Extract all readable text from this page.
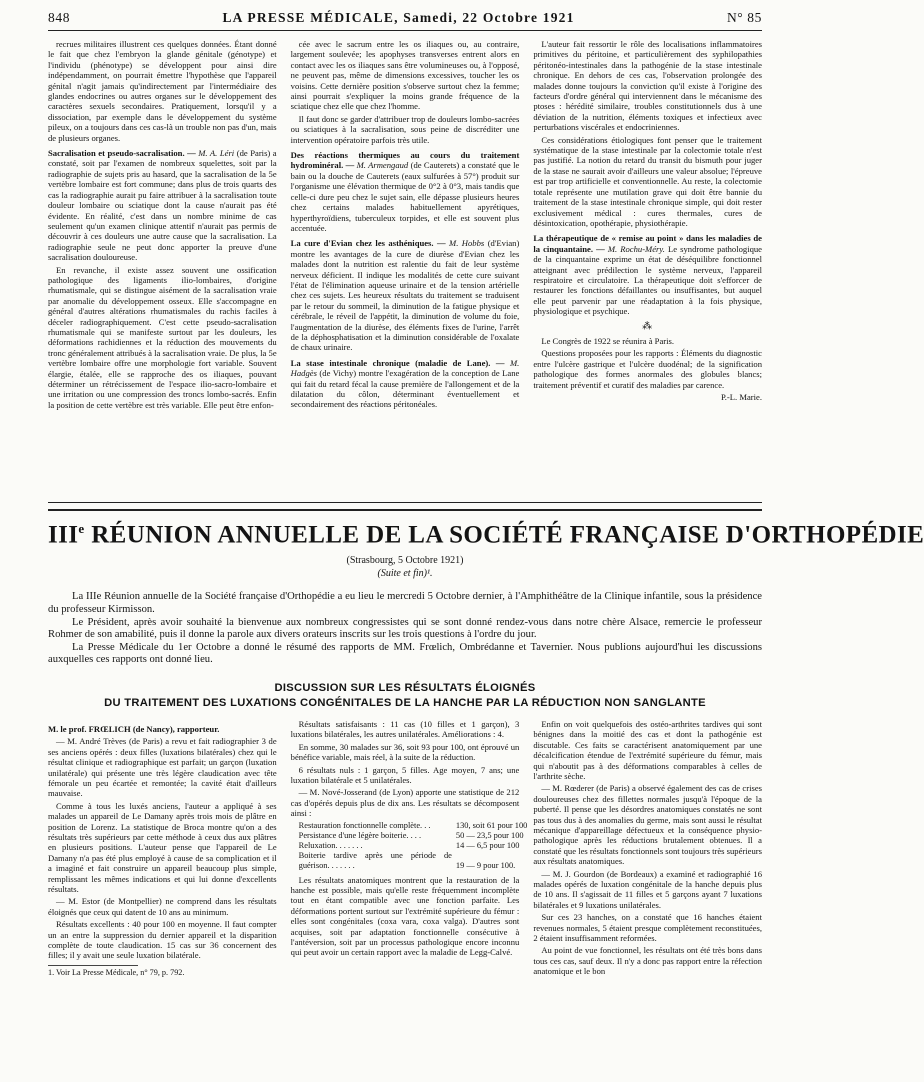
848	LA PRESSE MÉDICALE, Samedi, 22 Octobre 1921	N° 85

recrues militaires illustrent ces quelques données. Étant donné le fait que chez l'embryon la glande génitale (génotype) et l'individu (phénotype) se développent pour ainsi dire indépendamment, on pourrait émettre l'hypothèse que l'appareil génital n'agit jamais qu'indirectement par l'intermédiaire des glandes endocrines ou autres organes sur le développement des caractères sexuels secondaires. Pratiquement, lorsqu'il y a dissociation, par exemple dans le développement du système pileux, on a toujours dans ces cas-là un trouble non pas d'un, mais de plusieurs organes.

Sacralisation et pseudo-sacralisation. — M. A. Léri (de Paris) a constaté, soit par l'examen de nombreux squelettes, soit par la radiographie de sujets pris au hasard, que la sacralisation de la 5e vertèbre lombaire est fort commune; dans plus de trois quarts des cas la radiographie aurait pu faire attribuer à la sacralisation toute douleur lombaire ou sciatique dont la cause n'aurait pas été évidente. En réalité, c'est dans un nombre minime de cas seulement qu'un examen clinique attentif n'aurait pas permis de découvrir à ces douleurs une autre cause que la sacralisation. La radiographie seule ne peut donc apporter la preuve d'une sacralisation douloureuse.

En revanche, il existe assez souvent une ossification pathologique des ligaments ilio-lombaires, d'origine rhumatismale, qui se distingue aisément de la sacralisation vraie par anomalie du développement osseux. Elle s'accompagne en général d'autres altérations rhumatismales du rachis faciles à déceler radiographiquement. C'est cette pseudo-sacralisation rhumatismale qui se manifeste surtout par les douleurs, les déformations rachidiennes et la réduction des mouvements du tronc généralement attribués à la sacralisation vraie. De plus, la 5e vertèbre lombaire offre une morphologie fort variable. Souvent élargie, étalée, elle se rapproche des os iliaques, pouvant déterminer un rétrécissement de l'espace ilio-sacro-lombaire et une irritation ou une compression des troncs lombo-sacrés. Enfin la position de cette vertèbre est très variable. Elle peut être enfon-

cée avec le sacrum entre les os iliaques ou, au contraire, largement soulevée; les apophyses transverses entrent alors en contact avec les os iliaques sans être volumineuses ou, à l'opposé, ne peuvent pas, même de dimensions excessives, toucher les os voisins. Cette dernière position s'observe surtout chez la femme; ainsi pourrait s'expliquer la moins grande fréquence de la sciatique chez elle que chez l'homme.

Il faut donc se garder d'attribuer trop de douleurs lombo-sacrées ou sciatiques à la sacralisation, sous peine de discréditer une intervention opératoire parfois très utile.

Des réactions thermiques au cours du traitement hydrominéral. — M. Armengaud (de Cauterets) a constaté que le bain ou la douche de Cauterets (eaux sulfurées à 57°) produit sur l'organisme une élévation thermique de 0°2 à 0°3, mais tandis que celle-ci dure peu chez le sujet sain, elle dépasse plusieurs heures chez certains malades habituellement apyrétiques, hyperthyroïdiens, tuberculeux torpides, et elle est souvent plus accentuée.

La cure d'Evian chez les asthéniques. — M. Hobbs (d'Evian) montre les avantages de la cure de diurèse d'Evian chez les malades dont la nutrition est ralentie du fait de leur système nerveux déficient. Il indique les modalités de cette cure suivant l'état de l'élimination aqueuse urinaire et de la tension artérielle chez ces sujets. Les heureux résultats du traitement se traduisent par le retour du sommeil, la diminution de la fatigue physique et cérébrale, le réveil de l'appétit, la diminution de volume du foie, l'augmentation de la diurèse, des éléments fixes de l'urine, l'arrêt de la déphosphatisation et la diminution considérable de l'oxalate de chaux urinaire.

La stase intestinale chronique (maladie de Lane). — M. Hadgès (de Vichy) montre l'exagération de la conception de Lane qui fait du retard fécal la cause première de l'allongement et de la dilatation du côlon, déterminant éventuellement et secondairement des réactions péritonéales.

L'auteur fait ressortir le rôle des localisations inflammatoires primitives du péritoine, et particulièrement des syphilopathies péritonéo-intestinales dans la pathogénie de la stase intestinale chronique. En dehors de ces cas, l'observation prolongée des malades donne toujours la conviction qu'il existe à l'origine des facteurs d'ordre général qui interviennent dans le mécanisme des ptoses : hérédité similaire, troubles constitutionnels dus à une déviation de la nutrition, éléments toxiques et infectieux avec perturbations viscérales et endocriniennes.

Ces considérations étiologiques font penser que le traitement systématique de la stase intestinale par la colectomie totale n'est pas justifié. La notion du retard du transit du bismuth pour juger de la stase ne saurait avoir d'ailleurs une valeur absolue; l'épreuve est par trop artificielle et conventionnelle. Au reste, la colectomie totale représente une mutilation grave qui doit être bannie du traitement de la stase intestinale chronique simple, qui doit rester exclusivement médical : cures thermales, cures de désintoxication, opothérapie, physiothérapie.

La thérapeutique de « remise au point » dans les maladies de la cinquantaine. — M. Rochu-Méry. Le syndrome pathologique de la cinquantaine exprime un état de déséquilibre fonctionnel atteignant avec prédilection le système nerveux, l'appareil respiratoire et circulatoire. La thérapeutique doit s'efforcer de restaurer les fonctions défaillantes ou insuffisantes, but auquel elle peut parvenir par une réadaptation à la fois physique, physiologique et psychique.

⁂

Le Congrès de 1922 se réunira à Paris.

Questions proposées pour les rapports : Éléments du diagnostic entre l'ulcère gastrique et l'ulcère duodénal; de la signification pathologique des formes anormales des globules blancs; traitement préventif et curatif des maladies par carence.

P.-L. Marie.
IIIe RÉUNION ANNUELLE DE LA SOCIÉTÉ FRANÇAISE D'ORTHOPÉDIE
(Strasbourg, 5 Octobre 1921)
(Suite et fin)¹.

La IIIe Réunion annuelle de la Société française d'Orthopédie a eu lieu le mercredi 5 Octobre dernier, à l'Amphithéâtre de la Clinique infantile, sous la présidence du professeur Kirmisson.

Le Président, après avoir souhaité la bienvenue aux nombreux congressistes qui se sont donné rendez-vous dans notre chère Alsace, remercie le professeur Rohmer de son amabilité, puis il donne la parole aux divers orateurs inscrits sur les trois questions à l'ordre du jour.

La Presse Médicale du 1er Octobre a donné le résumé des rapports de MM. Frœlich, Ombrédanne et Tavernier. Nous publions aujourd'hui les discussions auxquelles ces rapports ont donné lieu.

DISCUSSION SUR LES RÉSULTATS ÉLOIGNÉS
DU TRAITEMENT DES LUXATIONS CONGÉNITALES DE LA HANCHE PAR LA RÉDUCTION NON SANGLANTE

M. le prof. FRŒLICH (de Nancy), rapporteur.

— M. André Trèves (de Paris) a revu et fait radiographier 3 de ses anciens opérés : deux filles (luxations bilatérales) chez qui le résultat clinique et radiographique est parfait; un garçon (luxation unilatérale) qui présente une très légère claudication avec tête fémorale un peu écartée et remontée; la cavité était d'ailleurs mauvaise.

Comme à tous les luxés anciens, l'auteur a appliqué à ses malades un appareil de Le Damany après trois mois de plâtre en position de Lorenz. La statistique de Broca montre qu'on a des résultats très supérieurs par cette méthode à ceux dus aux plâtres en plusieurs positions. L'auteur pense que l'appareil de Le Damany n'a pas été plus employé à cause de sa complication et il a imaginé et fait construire un appareil beaucoup plus simple, remplissant les mêmes indications et qui lui donne d'excellents résultats.

— M. Estor (de Montpellier) ne comprend dans les résultats éloignés que ceux qui datent de 10 ans au minimum.

Résultats excellents : 40 pour 100 en moyenne. Il faut compter un an entre la suppression du dernier appareil et la disparition complète de toute claudication. 15 cas sur 36 concernent des filles; il y avait une seule luxation bilatérale.

1. Voir La Presse Médicale, n° 79, p. 792.

Résultats satisfaisants : 11 cas (10 filles et 1 garçon), 3 luxations bilatérales, les autres unilatérales. Améliorations : 4.

En somme, 30 malades sur 36, soit 93 pour 100, ont éprouvé un bénéfice variable, mais réel, à la suite de la réduction.

6 résultats nuls : 1 garçon, 5 filles. Age moyen, 7 ans; une luxation bilatérale et 5 unilatérales.

— M. Nové-Josserand (de Lyon) apporte une statistique de 212 cas d'opérés depuis plus de dix ans. Les résultats se décomposent ainsi :

Restauration fonctionnelle complète. . .	130, soit 61 pour 100
Persistance d'une légère boiterie. . . .	50 — 23,5 pour 100
Reluxation. . . . . . .	14 — 6,5 pour 100
Boiterie tardive après une période de guérison. . . . . . .	19 — 9 pour 100.

Les résultats anatomiques montrent que la restauration de la hanche est possible, mais qu'elle reste fréquemment incomplète tout en étant compatible avec une fonction parfaite. Les déformations portent surtout sur l'extrémité supérieure du fémur : elles sont congénitales (coxa vara, coxa valga). D'autres sont acquises, soit par adaptation fonctionnelle consécutive à l'antéversion, soit par un processus pathologique encore inconnu qui peut avoir un certain rapport avec la maladie de Legg-Calvé.

Enfin on voit quelquefois des ostéo-arthrites tardives qui sont bénignes dans la moitié des cas et dont la pathogénie est discutable. Ces faits se caractérisent anatomiquement par une décalcification étendue de l'extrémité supérieure du fémur, mais qui n'aboutit pas à des déformations comparables à celles de l'arthrite sèche.

— M. Rœderer (de Paris) a observé également des cas de crises douloureuses chez des fillettes normales jusqu'à l'époque de la puberté. Il pense que les désordres anatomiques constatés ne sont pas tous dus à des anomalies du germe, mais sont aussi le résultat mécanique d'appareillage défectueux et la conséquence physio-pathologique après les réductions brutalement obtenues. Il a constaté que les résultats fonctionnels sont toujours très supérieurs aux résultats anatomiques.

— M. J. Gourdon (de Bordeaux) a examiné et radiographié 16 malades opérés de luxation congénitale de la hanche depuis plus de 10 ans. Il s'agissait de 11 filles et 5 garçons ayant 7 luxations bilatérales et 9 luxations unilatérales.

Sur ces 23 hanches, on a constaté que 16 hanches étaient revenues normales, 5 étaient presque complètement reconstituées, 2 étaient insuffisamment reformées.

Au point de vue fonctionnel, les résultats ont été très bons dans tous ces cas, sauf deux. Il n'y a donc pas rapport entre la réfection anatomique et le bon
